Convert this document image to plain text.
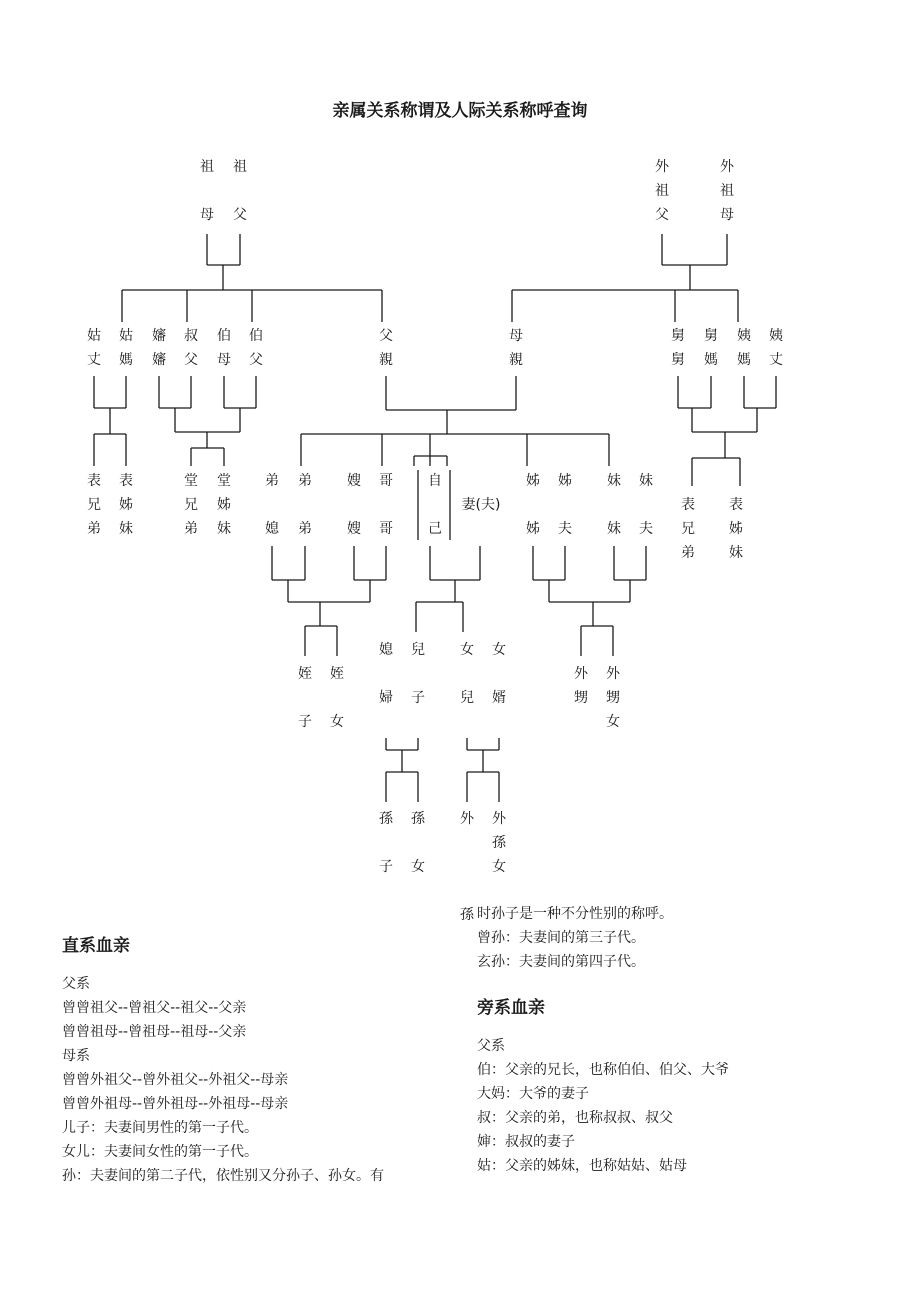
亲属关系称谓及人际关系称呼查询
祖
母
祖
父
外
祖
父
外
祖
母
姑
丈
姑
媽
嬸
嬸
叔
父
伯
母
伯
父
父
親
母
親
舅
舅
舅
媽
姨
媽
姨
丈
表
兄
弟
表
姊
妹
堂
兄
弟
堂
姊
妹
弟
媳
弟
弟
嫂
嫂
哥
哥
自
己
妻(夫)
姊
姊
姊
夫
妹
妹
妹
夫
表
兄
弟
表
姊
妹
姪
子
姪
女
媳
婦
兒
子
女
兒
女
婿
外
甥
外
甥
女
孫
子
孫
女
外
孫
外
孫
女
直系血亲
父系
曾曾祖父--曾祖父--祖父--父亲
曾曾祖母--曾祖母--祖母--父亲
母系
曾曾外祖父--曾外祖父--外祖父--母亲
曾曾外祖母--曾外祖母--外祖母--母亲
儿子：夫妻间男性的第一子代。
女儿：夫妻间女性的第一子代。
孙：夫妻间的第二子代，依性别又分孙子、孙女。有
时孙子是一种不分性别的称呼。
曾孙：夫妻间的第三子代。
玄孙：夫妻间的第四子代。
旁系血亲
父系
伯：父亲的兄长，也称伯伯、伯父、大爷
大妈：大爷的妻子
叔：父亲的弟，也称叔叔、叔父
婶：叔叔的妻子
姑：父亲的姊妹，也称姑姑、姑母
